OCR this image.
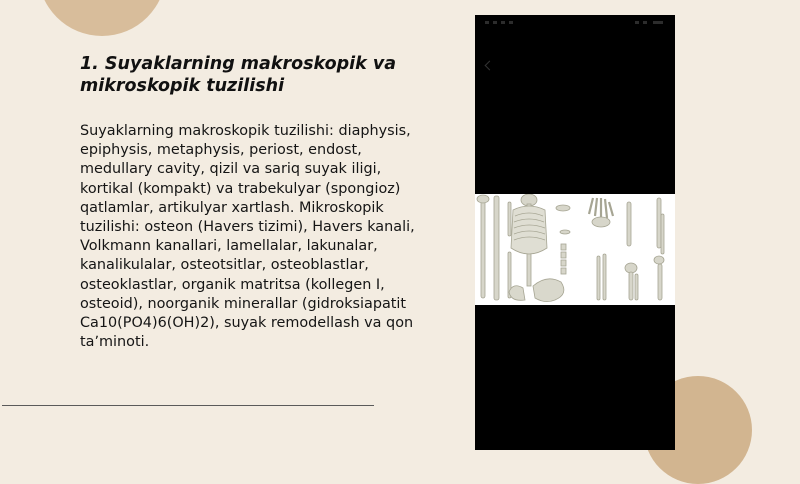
1. Suyaklarning makroskopik va mikroskopik tuzilishi

Suyaklarning makroskopik tuzilishi: diaphysis, epiphysis, metaphysis, periost, endost, medullary cavity, qizil va sariq suyak iligi, kortikal (kompakt) va trabekulyar (spongioz) qatlamlar, artikulyar xartlash. Mikroskopik tuzilishi: osteon (Havers tizimi), Havers kanali, Volkmann kanallari, lamellalar, lakunalar, kanalikulalar, osteotsitlar, osteoblastlar, osteoklastlar, organik matritsa (kollegen I, osteoid), noorganik minerallar (gidroksiapatit Ca10(PO4)6(OH)2), suyak remodellash va qon taʼminoti.
